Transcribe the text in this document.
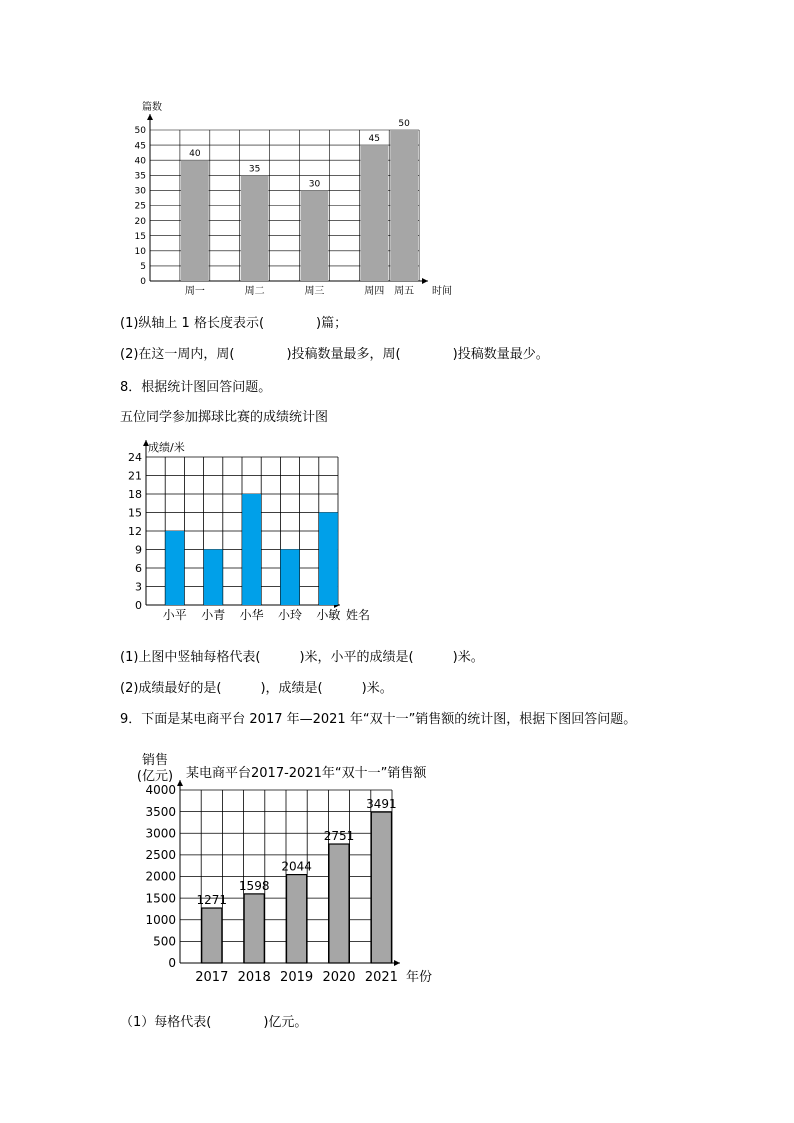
0
5
10
15
20
25
30
35
40
45
50
40
周一
35
周二
30
周三
45
周四
50
周五 时间
篇数
0
3
6
9
12
15
18
21
24
小平 小青 小华 小玲 小敏 姓名
成绩/米
0
500
1000
1500
2000
2500
3000
3500
4000
1271
2017
1598
2018
2044
2019
2751
2020
3491
2021 年份
销售
(亿元) 某电商平台2017-2021年“双十一”销售额
(1)纵轴上 1 格长度表示(　　　　)篇；
(2)在这一周内，周(　　　　)投稿数量最多，周(　　　　)投稿数量最少。
8．根据统计图回答问题。
五位同学参加掷球比赛的成绩统计图
(1)上图中竖轴每格代表(　　　)米，小平的成绩是(　　　)米。
(2)成绩最好的是(　　　)，成绩是(　　　)米。
9．下面是某电商平台 2017 年—2021 年“双十一”销售额的统计图，根据下图回答问题。
（1）每格代表(　　　　)亿元。
